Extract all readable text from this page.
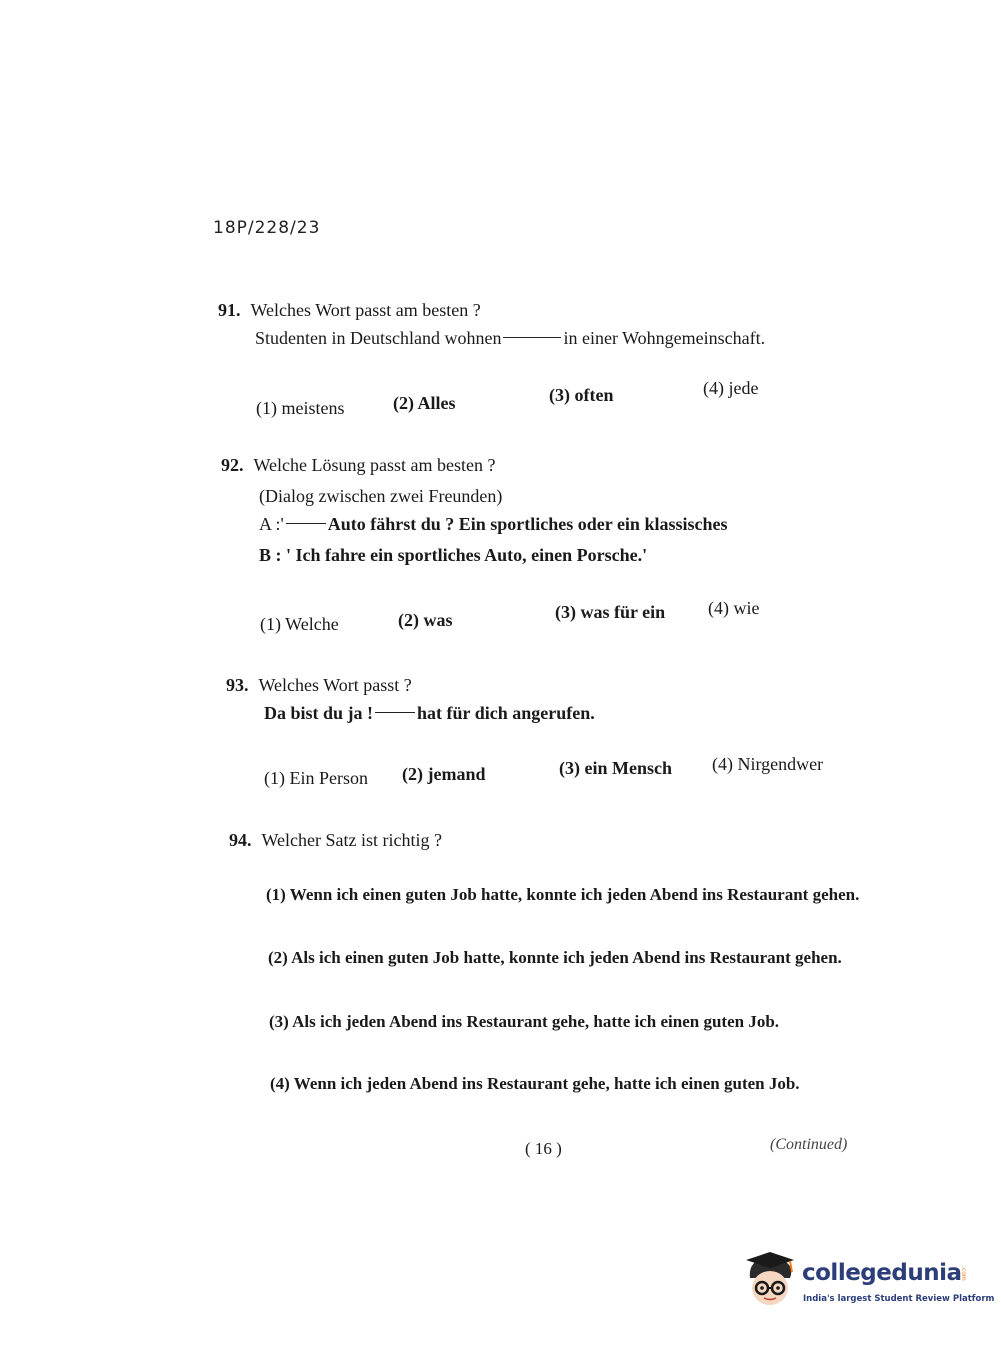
18P/228/23
91. Welches Wort passt am besten ?
Studenten in Deutschland wohnen	in einer Wohngemeinschaft.
(1) meistens	(2) Alles	(3) often	(4) jede
92. Welche Lösung passt am besten ?
(Dialog zwischen zwei Freunden)
A :' Auto fährst du ? Ein sportliches oder ein klassisches
B : ' Ich fahre ein sportliches Auto, einen Porsche.'
(1) Welche	(2) was	(3) was für ein (4) wie
93. Welches Wort passt ?
Da bist du ja ! hat für dich angerufen.
(1) Ein Person (2) jemand	(3) ein Mensch (4) Nirgendwer
94. Welcher Satz ist richtig ?
(1) Wenn ich einen guten Job hatte, konnte ich jeden Abend ins Restaurant gehen.
(2) Als ich einen guten Job hatte, konnte ich jeden Abend ins Restaurant gehen.
(3) Als ich jeden Abend ins Restaurant gehe, hatte ich einen guten Job.
(4) Wenn ich jeden Abend ins Restaurant gehe, hatte ich einen guten Job.
( 16 )	(Continued)
collegedunia
.com
India's largest Student Review Platform
